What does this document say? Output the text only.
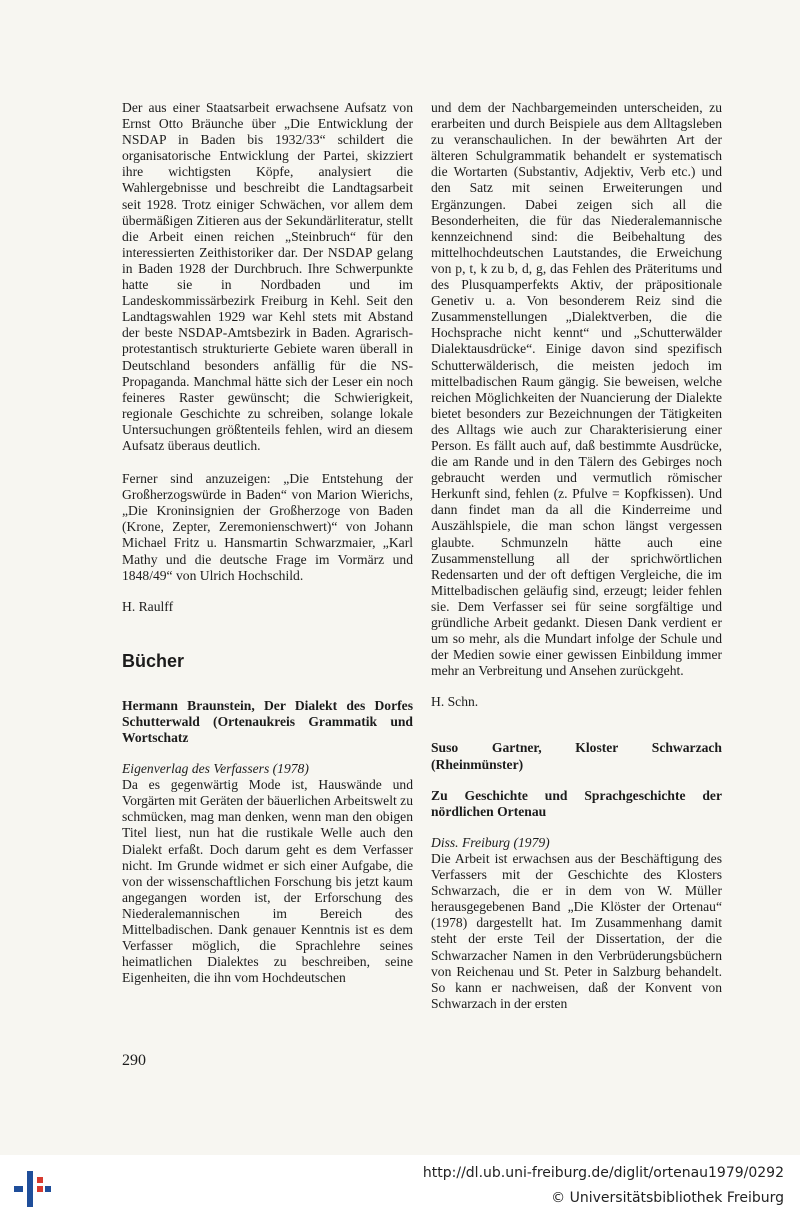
Der aus einer Staatsarbeit erwachsene Aufsatz von Ernst Otto Bräunche über „Die Entwicklung der NSDAP in Baden bis 1932/33“ schildert die organisatorische Entwicklung der Partei, skizziert ihre wichtigsten Köpfe, analysiert die Wahlergebnisse und beschreibt die Landtagsarbeit seit 1928. Trotz einiger Schwächen, vor allem dem übermäßigen Zitieren aus der Sekundärliteratur, stellt die Arbeit einen reichen „Steinbruch“ für den interessierten Zeithistoriker dar. Der NSDAP gelang in Baden 1928 der Durchbruch. Ihre Schwerpunkte hatte sie in Nordbaden und im Landeskommissärbezirk Freiburg in Kehl. Seit den Landtagswahlen 1929 war Kehl stets mit Abstand der beste NSDAP-Amtsbezirk in Baden. Agrarisch-protestantisch strukturierte Gebiete waren überall in Deutschland besonders anfällig für die NS-Propaganda. Manchmal hätte sich der Leser ein noch feineres Raster gewünscht; die Schwierigkeit, regionale Geschichte zu schreiben, solange lokale Untersuchungen größtenteils fehlen, wird an diesem Aufsatz überaus deutlich.

Ferner sind anzuzeigen: „Die Entstehung der Großherzogswürde in Baden“ von Marion Wierichs, „Die Kroninsignien der Großherzoge von Baden (Krone, Zepter, Zeremonienschwert)“ von Johann Michael Fritz u. Hansmartin Schwarzmaier, „Karl Mathy und die deutsche Frage im Vormärz und 1848/49“ von Ulrich Hochschild.

H. Raulff

Bücher

Hermann Braunstein, Der Dialekt des Dorfes Schutterwald (Ortenaukreis Grammatik und Wortschatz

Eigenverlag des Verfassers (1978)

Da es gegenwärtig Mode ist, Hauswände und Vorgärten mit Geräten der bäuerlichen Arbeitswelt zu schmücken, mag man denken, wenn man den obigen Titel liest, nun hat die rustikale Welle auch den Dialekt erfaßt. Doch darum geht es dem Verfasser nicht. Im Grunde widmet er sich einer Aufgabe, die von der wissenschaftlichen Forschung bis jetzt kaum angegangen worden ist, der Erforschung des Niederalemannischen im Bereich des Mittelbadischen. Dank genauer Kenntnis ist es dem Verfasser möglich, die Sprachlehre seines heimatlichen Dialektes zu beschreiben, seine Eigenheiten, die ihn vom Hochdeutschen

und dem der Nachbargemeinden unterscheiden, zu erarbeiten und durch Beispiele aus dem Alltagsleben zu veranschaulichen. In der bewährten Art der älteren Schulgrammatik behandelt er systematisch die Wortarten (Substantiv, Adjektiv, Verb etc.) und den Satz mit seinen Erweiterungen und Ergänzungen. Dabei zeigen sich all die Besonderheiten, die für das Niederalemannische kennzeichnend sind: die Beibehaltung des mittelhochdeutschen Lautstandes, die Erweichung von p, t, k zu b, d, g, das Fehlen des Präteritums und des Plusquamperfekts Aktiv, der präpositionale Genetiv u. a. Von besonderem Reiz sind die Zusammenstellungen „Dialektverben, die die Hochsprache nicht kennt“ und „Schutterwälder Dialektausdrücke“. Einige davon sind spezifisch Schutterwälderisch, die meisten jedoch im mittelbadischen Raum gängig. Sie beweisen, welche reichen Möglichkeiten der Nuancierung der Dialekte bietet besonders zur Bezeichnungen der Tätigkeiten des Alltags wie auch zur Charakterisierung einer Person. Es fällt auch auf, daß bestimmte Ausdrücke, die am Rande und in den Tälern des Gebirges noch gebraucht werden und vermutlich römischer Herkunft sind, fehlen (z. Pfulve = Kopfkissen). Und dann findet man da all die Kinderreime und Auszählspiele, die man schon längst vergessen glaubte. Schmunzeln hätte auch eine Zusammenstellung all der sprichwörtlichen Redensarten und der oft deftigen Vergleiche, die im Mittelbadischen geläufig sind, erzeugt; leider fehlen sie. Dem Verfasser sei für seine sorgfältige und gründliche Arbeit gedankt. Diesen Dank verdient er um so mehr, als die Mundart infolge der Schule und der Medien sowie einer gewissen Einbildung immer mehr an Verbreitung und Ansehen zurückgeht.

H. Schn.

Suso Gartner, Kloster Schwarzach (Rheinmünster)

Zu Geschichte und Sprachgeschichte der nördlichen Ortenau

Diss. Freiburg (1979)

Die Arbeit ist erwachsen aus der Beschäftigung des Verfassers mit der Geschichte des Klosters Schwarzach, die er in dem von W. Müller herausgegebenen Band „Die Klöster der Ortenau“ (1978) dargestellt hat. Im Zusammenhang damit steht der erste Teil der Dissertation, der die Schwarzacher Namen in den Verbrüderungsbüchern von Reichenau und St. Peter in Salzburg behandelt. So kann er nachweisen, daß der Konvent von Schwarzach in der ersten

290
http://dl.ub.uni-freiburg.de/diglit/ortenau1979/0292
© Universitätsbibliothek Freiburg
